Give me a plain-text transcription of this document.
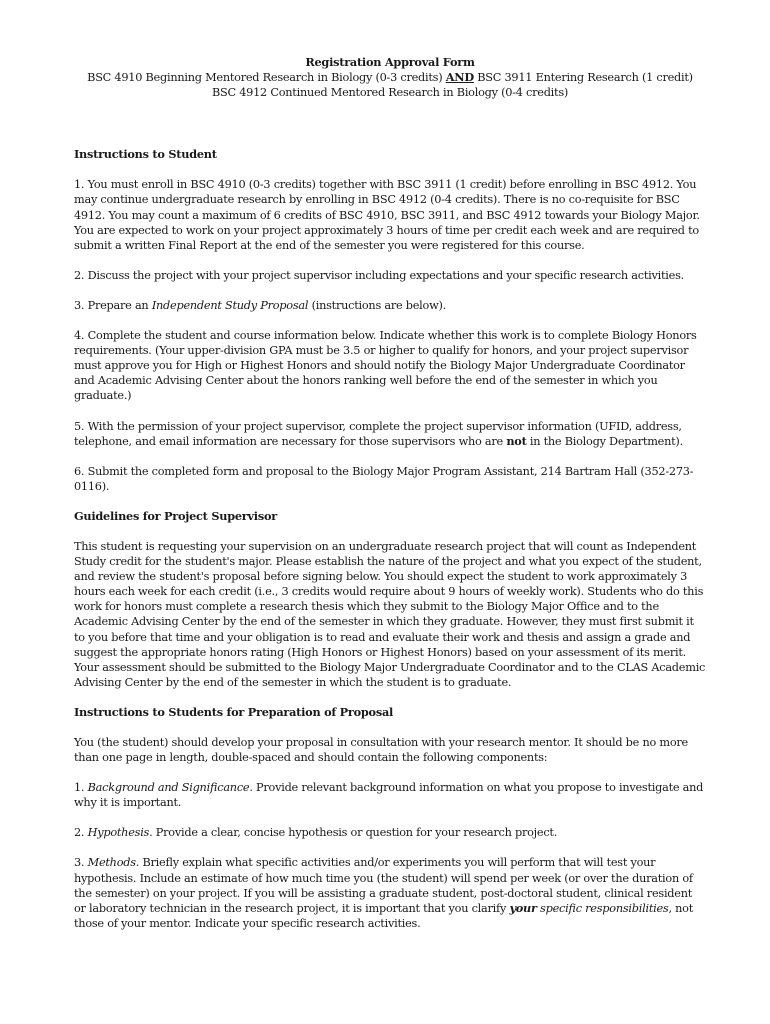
Registration Approval Form
BSC 4910 Beginning Mentored Research in Biology (0-3 credits) AND BSC 3911 Entering Research (1 credit)
BSC 4912 Continued Mentored Research in Biology (0-4 credits)
Instructions to Student

1. You must enroll in BSC 4910 (0-3 credits) together with BSC 3911 (1 credit) before enrolling in BSC 4912. You may continue undergraduate research by enrolling in BSC 4912 (0-4 credits). There is no co-requisite for BSC 4912. You may count a maximum of 6 credits of BSC 4910, BSC 3911, and BSC 4912 towards your Biology Major. You are expected to work on your project approximately 3 hours of time per credit each week and are required to submit a written Final Report at the end of the semester you were registered for this course.

2. Discuss the project with your project supervisor including expectations and your specific research activities.

3. Prepare an Independent Study Proposal (instructions are below).

4. Complete the student and course information below. Indicate whether this work is to complete Biology Honors requirements. (Your upper-division GPA must be 3.5 or higher to qualify for honors, and your project supervisor must approve you for High or Highest Honors and should notify the Biology Major Undergraduate Coordinator and Academic Advising Center about the honors ranking well before the end of the semester in which you graduate.)

5. With the permission of your project supervisor, complete the project supervisor information (UFID, address, telephone, and email information are necessary for those supervisors who are not in the Biology Department).

6. Submit the completed form and proposal to the Biology Major Program Assistant, 214 Bartram Hall (352-273-0116).

Guidelines for Project Supervisor

This student is requesting your supervision on an undergraduate research project that will count as Independent Study credit for the student's major. Please establish the nature of the project and what you expect of the student, and review the student's proposal before signing below. You should expect the student to work approximately 3 hours each week for each credit (i.e., 3 credits would require about 9 hours of weekly work). Students who do this work for honors must complete a research thesis which they submit to the Biology Major Office and to the Academic Advising Center by the end of the semester in which they graduate. However, they must first submit it to you before that time and your obligation is to read and evaluate their work and thesis and assign a grade and suggest the appropriate honors rating (High Honors or Highest Honors) based on your assessment of its merit. Your assessment should be submitted to the Biology Major Undergraduate Coordinator and to the CLAS Academic Advising Center by the end of the semester in which the student is to graduate.

Instructions to Students for Preparation of Proposal

You (the student) should develop your proposal in consultation with your research mentor. It should be no more than one page in length, double-spaced and should contain the following components:

1. Background and Significance. Provide relevant background information on what you propose to investigate and why it is important.

2. Hypothesis. Provide a clear, concise hypothesis or question for your research project.

3. Methods. Briefly explain what specific activities and/or experiments you will perform that will test your hypothesis. Include an estimate of how much time you (the student) will spend per week (or over the duration of the semester) on your project. If you will be assisting a graduate student, post-doctoral student, clinical resident or laboratory technician in the research project, it is important that you clarify your specific responsibilities, not those of your mentor. Indicate your specific research activities.
